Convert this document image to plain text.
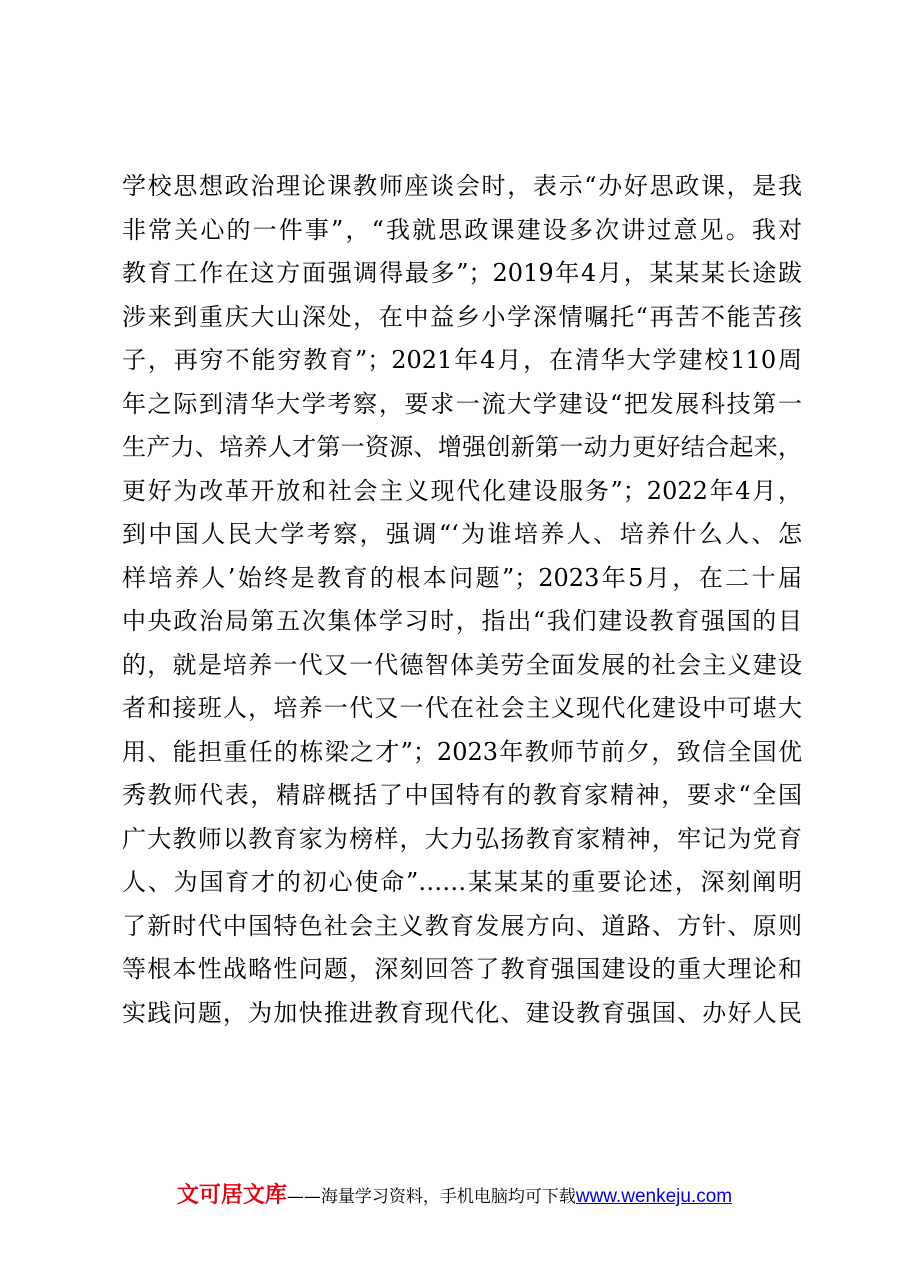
学校思想政治理论课教师座谈会时，表示“办好思政课，是我
非常关心的一件事”，“我就思政课建设多次讲过意见。我对
教育工作在这方面强调得最多”；2019年4月，某某某长途跋
涉来到重庆大山深处，在中益乡小学深情嘱托“再苦不能苦孩
子，再穷不能穷教育”；2021年4月，在清华大学建校110周
年之际到清华大学考察，要求一流大学建设“把发展科技第一
生产力、培养人才第一资源、增强创新第一动力更好结合起来，
更好为改革开放和社会主义现代化建设服务”；2022年4月，
到中国人民大学考察，强调“‘为谁培养人、培养什么人、怎
样培养人’始终是教育的根本问题”；2023年5月，在二十届
中央政治局第五次集体学习时，指出“我们建设教育强国的目
的，就是培养一代又一代德智体美劳全面发展的社会主义建设
者和接班人，培养一代又一代在社会主义现代化建设中可堪大
用、能担重任的栋梁之才”；2023年教师节前夕，致信全国优
秀教师代表，精辟概括了中国特有的教育家精神，要求“全国
广大教师以教育家为榜样，大力弘扬教育家精神，牢记为党育
人、为国育才的初心使命”……某某某的重要论述，深刻阐明
了新时代中国特色社会主义教育发展方向、道路、方针、原则
等根本性战略性问题，深刻回答了教育强国建设的重大理论和
实践问题，为加快推进教育现代化、建设教育强国、办好人民
文可居文库——海量学习资料，手机电脑均可下载www.wenkeju.com
